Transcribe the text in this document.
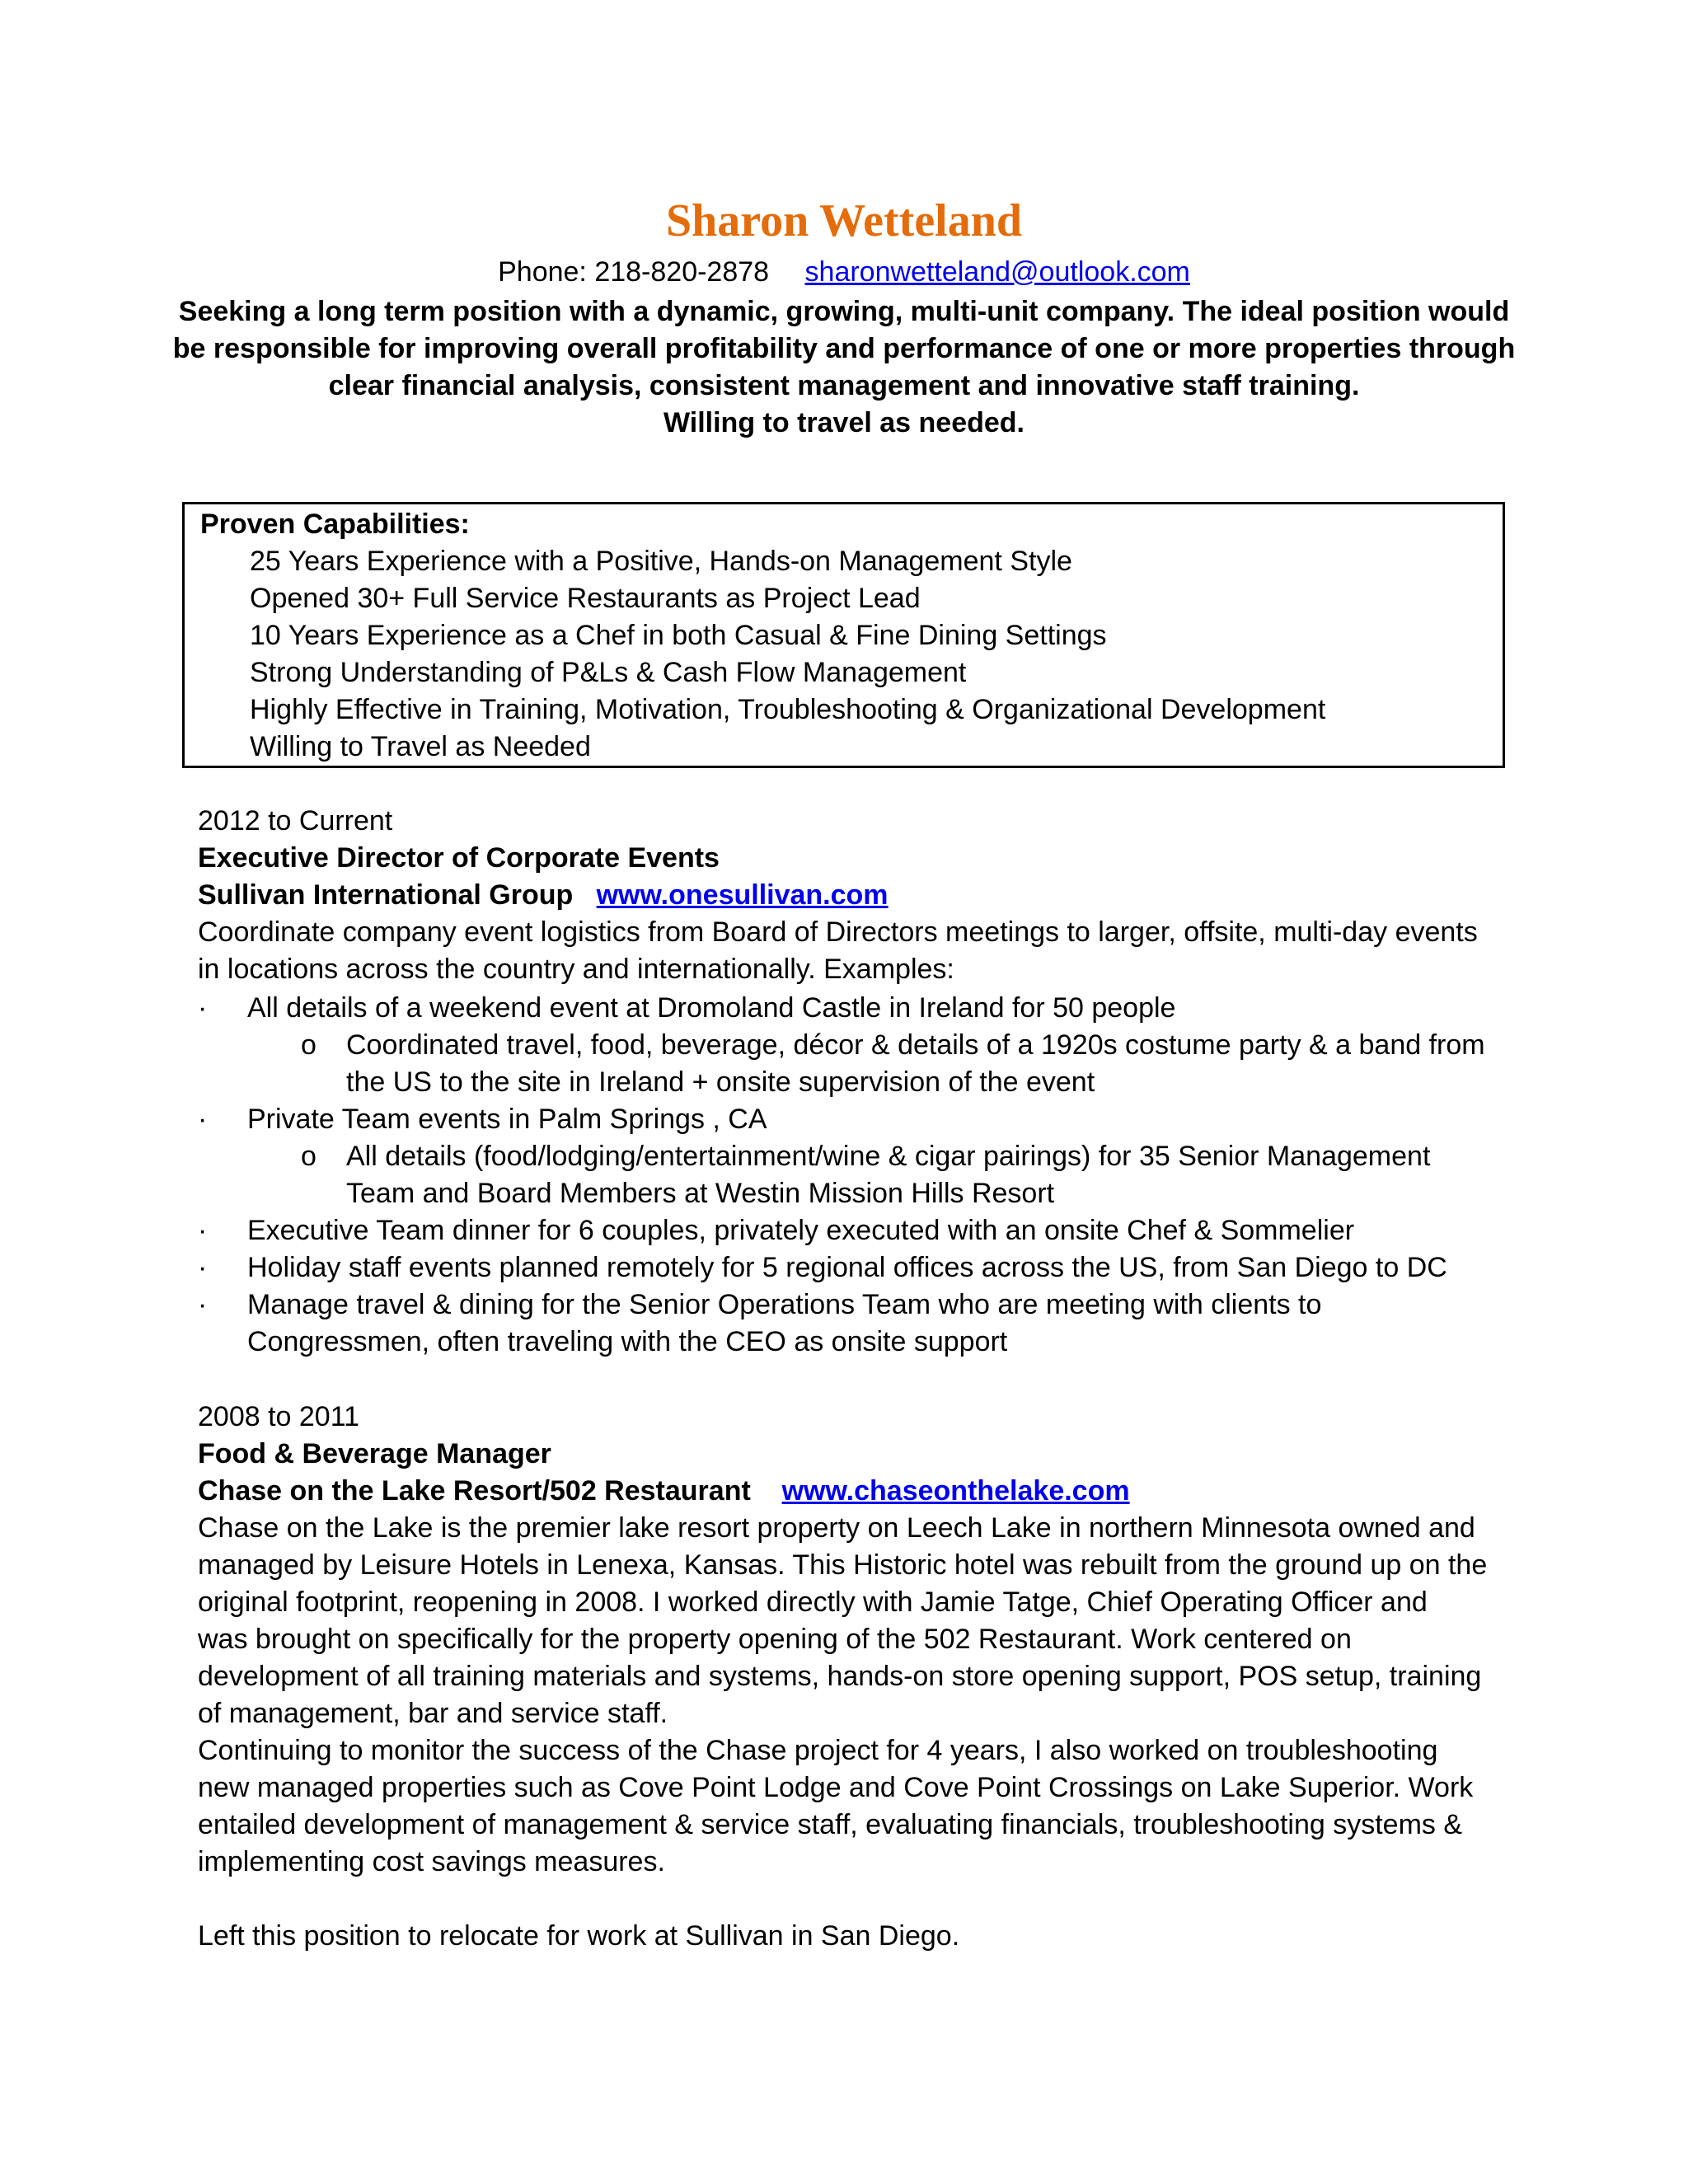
Sharon Wetteland
Phone: 218-820-2878 sharonwetteland@outlook.com
Seeking a long term position with a dynamic, growing, multi-unit company. The ideal position would
be responsible for improving overall profitability and performance of one or more properties through
clear financial analysis, consistent management and innovative staff training.
Willing to travel as needed.
Proven Capabilities:
25 Years Experience with a Positive, Hands-on Management Style
Opened 30+ Full Service Restaurants as Project Lead
10 Years Experience as a Chef in both Casual & Fine Dining Settings
Strong Understanding of P&Ls & Cash Flow Management
Highly Effective in Training, Motivation, Troubleshooting & Organizational Development
Willing to Travel as Needed
2012 to Current
Executive Director of Corporate Events
Sullivan International Group www.onesullivan.com
Coordinate company event logistics from Board of Directors meetings to larger, offsite, multi-day events
in locations across the country and internationally. Examples:
· All details of a weekend event at Dromoland Castle in Ireland for 50 people
o Coordinated travel, food, beverage, décor & details of a 1920s costume party & a band from
the US to the site in Ireland + onsite supervision of the event
· Private Team events in Palm Springs , CA
o All details (food/lodging/entertainment/wine & cigar pairings) for 35 Senior Management
Team and Board Members at Westin Mission Hills Resort
· Executive Team dinner for 6 couples, privately executed with an onsite Chef & Sommelier
· Holiday staff events planned remotely for 5 regional offices across the US, from San Diego to DC
· Manage travel & dining for the Senior Operations Team who are meeting with clients to
Congressmen, often traveling with the CEO as onsite support
2008 to 2011
Food & Beverage Manager
Chase on the Lake Resort/502 Restaurant www.chaseonthelake.com
Chase on the Lake is the premier lake resort property on Leech Lake in northern Minnesota owned and
managed by Leisure Hotels in Lenexa, Kansas. This Historic hotel was rebuilt from the ground up on the
original footprint, reopening in 2008. I worked directly with Jamie Tatge, Chief Operating Officer and
was brought on specifically for the property opening of the 502 Restaurant. Work centered on
development of all training materials and systems, hands-on store opening support, POS setup, training
of management, bar and service staff.
Continuing to monitor the success of the Chase project for 4 years, I also worked on troubleshooting
new managed properties such as Cove Point Lodge and Cove Point Crossings on Lake Superior. Work
entailed development of management & service staff, evaluating financials, troubleshooting systems &
implementing cost savings measures.
Left this position to relocate for work at Sullivan in San Diego.
